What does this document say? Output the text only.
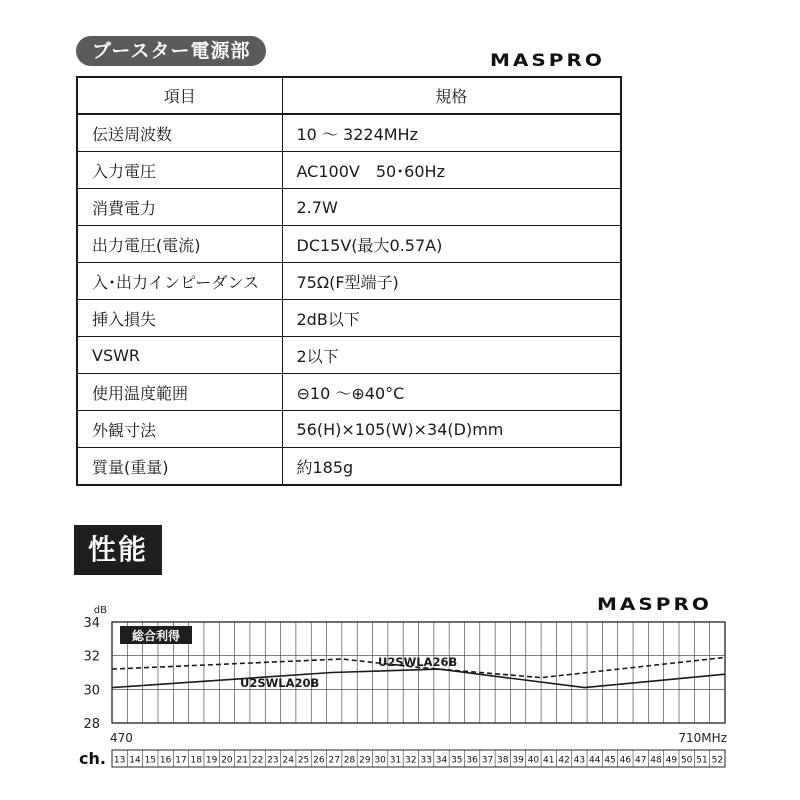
ブースター電源部	MASPRO
項目	規格
伝送周波数	10 ～ 3224MHz
入力電圧	AC100V　50･60Hz
消費電力	2.7W
出力電圧(電流)	DC15V(最大0.57A)
入･出力インピーダンス	75Ω(F型端子)
挿入損失	2dB以下
VSWR	2以下
使用温度範囲	⊖10 ～⊕40°C
外観寸法	56(H)×105(W)×34(D)mm
質量(重量)	約185g
性能
MASPRO
28
30
32
34
dB
総合利得
U2SWLA26B
U2SWLA20B
470	710MHz
ch. 13 14 15 16 17 18 19 20 21 22 23 24 25 26 27 28 29 30 31 32 33 34 35 36 37 38 39 40 41 42 43 44 45 46 47 48 49 50 51 52
